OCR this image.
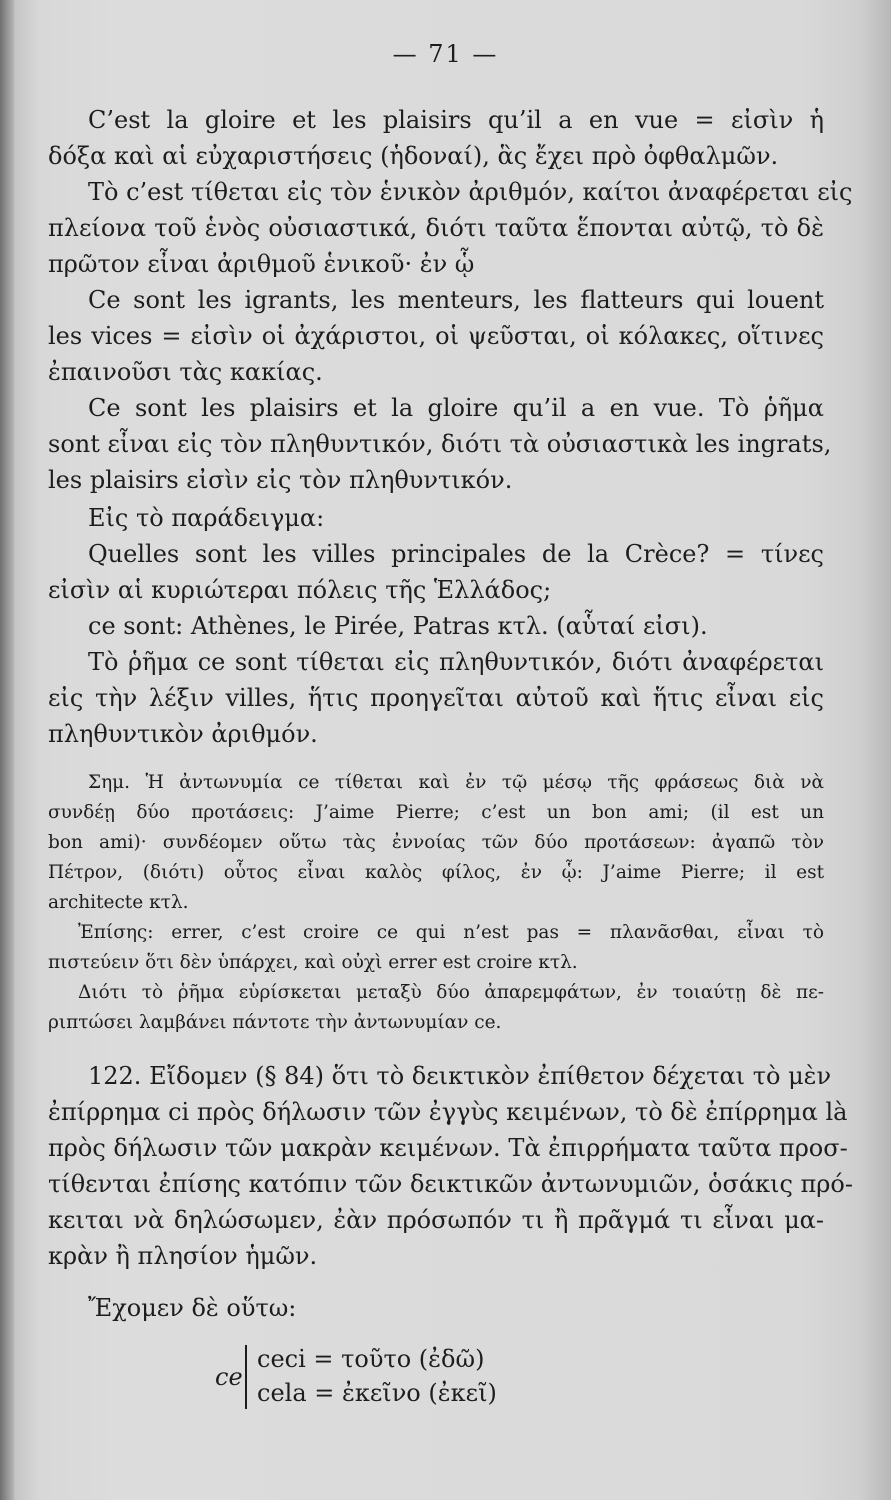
— 71 —
C’est la gloire et les plaisirs qu’il a en vue = εἰσὶν ἡ
δόξα καὶ αἱ εὐχαριστήσεις (ἡδοναί), ἃς ἔχει πρὸ ὀφθαλμῶν.
Τὸ c’est τίθεται εἰς τὸν ἑνικὸν ἀριθμόν, καίτοι ἀναφέρεται εἰς
πλείονα τοῦ ἑνὸς οὐσιαστικά, διότι ταῦτα ἕπονται αὐτῷ, τὸ δὲ
πρῶτον εἶναι ἀριθμοῦ ἑνικοῦ· ἐν ᾧ
Ce sont les igrants, les menteurs, les flatteurs qui louent
les vices = εἰσὶν οἱ ἀχάριστοι, οἱ ψεῦσται, οἱ κόλακες, οἵτινες
ἐπαινοῦσι τὰς κακίας.
Ce sont les plaisirs et la gloire qu’il a en vue. Τὸ ῥῆμα
sont εἶναι εἰς τὸν πληθυντικόν, διότι τὰ οὐσιαστικὰ les ingrats,
les plaisirs εἰσὶν εἰς τὸν πληθυντικόν.
Εἰς τὸ παράδειγμα:
Quelles sont les villes principales de la Crèce? = τίνες
εἰσὶν αἱ κυριώτεραι πόλεις τῆς Ἑλλάδος;
ce sont: Athènes, le Pirée, Patras κτλ. (αὗταί εἰσι).
Τὸ ῥῆμα ce sont τίθεται εἰς πληθυντικόν, διότι ἀναφέρεται
εἰς τὴν λέξιν villes, ἥτις προηγεῖται αὐτοῦ καὶ ἥτις εἶναι εἰς
πληθυντικὸν ἀριθμόν.
Σημ. Ἡ ἀντωνυμία ce τίθεται καὶ ἐν τῷ μέσῳ τῆς φράσεως διὰ νὰ
συνδέῃ δύο προτάσεις: J’aime Pierre; c’est un bon ami; (il est un
bon ami)· συνδέομεν οὕτω τὰς ἐννοίας τῶν δύο προτάσεων: ἀγαπῶ τὸν
Πέτρον, (διότι) οὗτος εἶναι καλὸς φίλος, ἐν ᾧ: J’aime Pierre; il est
architecte κτλ.
Ἐπίσης: errer, c’est croire ce qui n’est pas = πλανᾶσθαι, εἶναι τὸ
πιστεύειν ὅτι δὲν ὑπάρχει, καὶ οὐχὶ errer est croire κτλ.
Διότι τὸ ῥῆμα εὑρίσκεται μεταξὺ δύο ἀπαρεμφάτων, ἐν τοιαύτῃ δὲ πε-
ριπτώσει λαμβάνει πάντοτε τὴν ἀντωνυμίαν ce.
122. Εἴδομεν (§ 84) ὅτι τὸ δεικτικὸν ἐπίθετον δέχεται τὸ μὲν
ἐπίρρημα ci πρὸς δήλωσιν τῶν ἐγγὺς κειμένων, τὸ δὲ ἐπίρρημα là
πρὸς δήλωσιν τῶν μακρὰν κειμένων. Τὰ ἐπιρρήματα ταῦτα προσ-
τίθενται ἐπίσης κατόπιν τῶν δεικτικῶν ἀντωνυμιῶν, ὁσάκις πρό-
κειται νὰ δηλώσωμεν, ἐὰν πρόσωπόν τι ἢ πρᾶγμά τι εἶναι μα-
κρὰν ἢ πλησίον ἡμῶν.
Ἔχομεν δὲ οὕτω:
ce
ceci = τοῦτο (ἐδῶ)
cela = ἐκεῖνο (ἐκεῖ)
